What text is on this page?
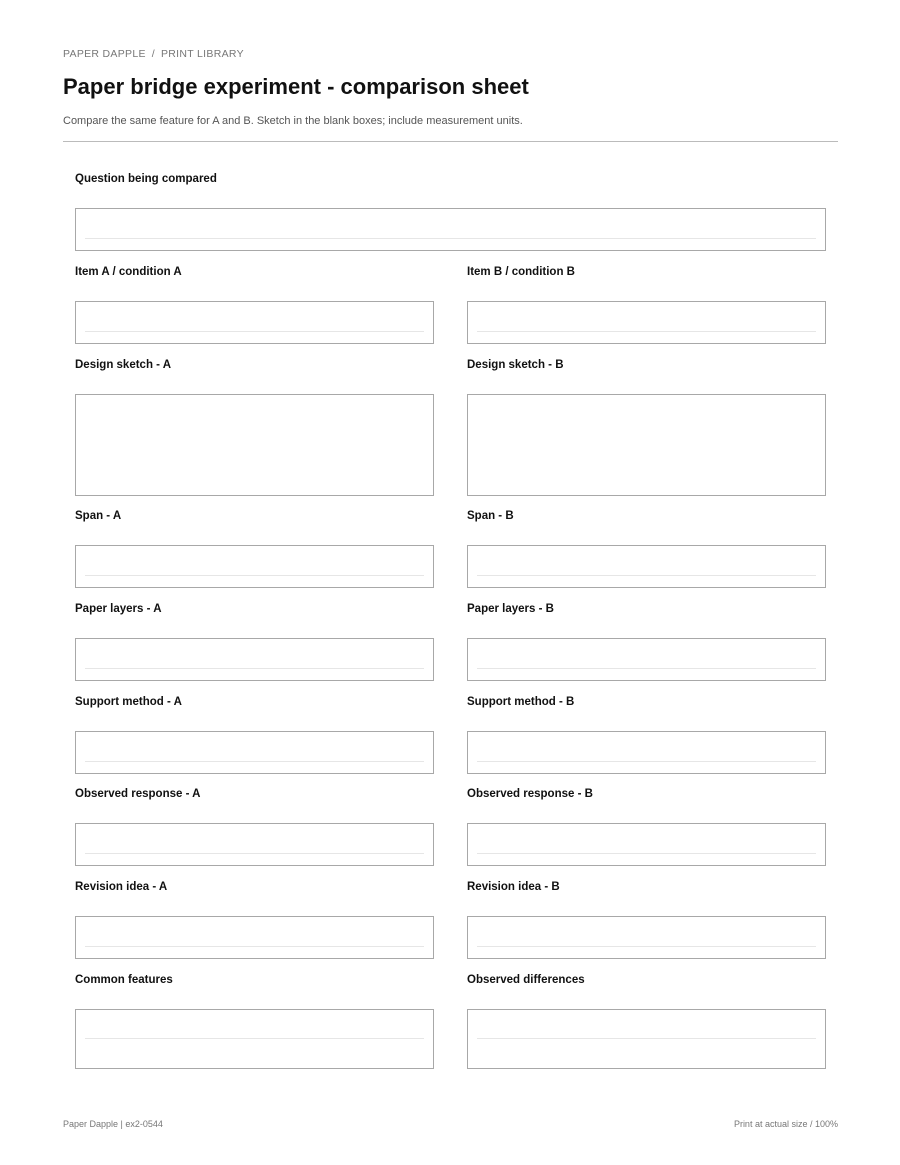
PAPER DAPPLE / PRINT LIBRARY
Paper bridge experiment - comparison sheet
Compare the same feature for A and B. Sketch in the blank boxes; include measurement units.
Question being compared
Item A / condition A	Item B / condition B
Design sketch - A	Design sketch - B
Span - A	Span - B
Paper layers - A	Paper layers - B
Support method - A	Support method - B
Observed response - A	Observed response - B
Revision idea - A	Revision idea - B
Common features	Observed differences
Paper Dapple | ex2-0544	Print at actual size / 100%
